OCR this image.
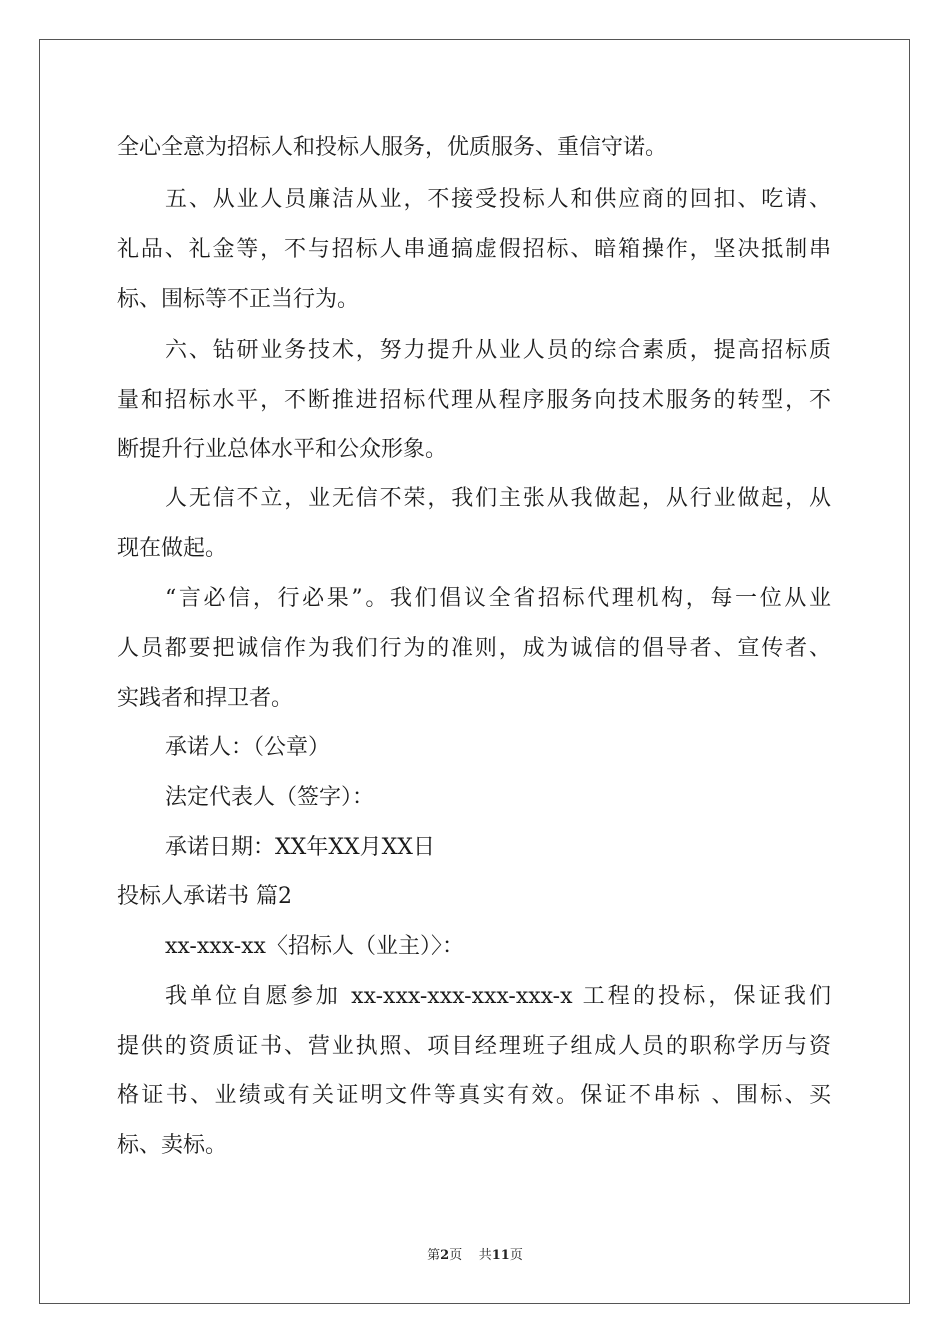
全心全意为招标人和投标人服务，优质服务、重信守诺。

五、从业人员廉洁从业，不接受投标人和供应商的回扣、吃请、

礼品、礼金等，不与招标人串通搞虚假招标、暗箱操作，坚决抵制串

标、围标等不正当行为。

六、钻研业务技术，努力提升从业人员的综合素质，提高招标质

量和招标水平，不断推进招标代理从程序服务向技术服务的转型，不

断提升行业总体水平和公众形象。

人无信不立，业无信不荣，我们主张从我做起，从行业做起，从

现在做起。

“言必信，行必果”。我们倡议全省招标代理机构，每一位从业

人员都要把诚信作为我们行为的准则，成为诚信的倡导者、宣传者、

实践者和捍卫者。

承诺人：（公章）

法定代表人（签字）：

承诺日期：XX年XX月XX日

投标人承诺书 篇2

xx-xxx-xx〈招标人（业主）〉：

我单位自愿参加 xx-xxx-xxx-xxx-xxx-x 工程的投标，保证我们

提供的资质证书、营业执照、项目经理班子组成人员的职称学历与资

格证书、业绩或有关证明文件等真实有效。保证不串标 、围标、买

标、卖标。

第2页 共11页
